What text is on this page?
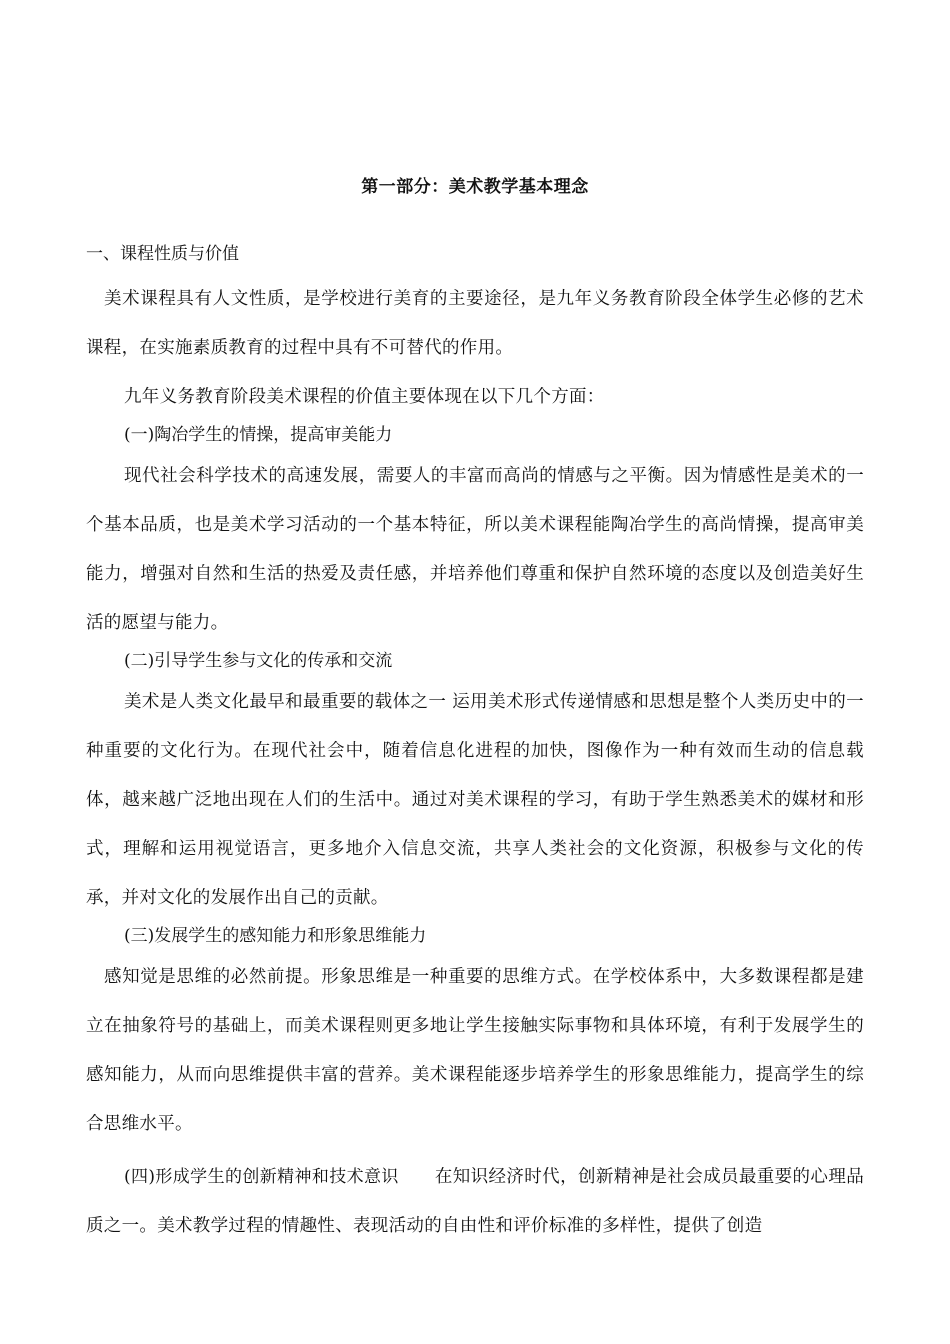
第一部分：美术教学基本理念
一、课程性质与价值

美术课程具有人文性质，是学校进行美育的主要途径，是九年义务教育阶段全体学生必修的艺术课程，在实施素质教育的过程中具有不可替代的作用。

九年义务教育阶段美术课程的价值主要体现在以下几个方面：

(一)陶冶学生的情操，提高审美能力

现代社会科学技术的高速发展，需要人的丰富而高尚的情感与之平衡。因为情感性是美术的一个基本品质，也是美术学习活动的一个基本特征，所以美术课程能陶冶学生的高尚情操，提高审美能力，增强对自然和生活的热爱及责任感，并培养他们尊重和保护自然环境的态度以及创造美好生活的愿望与能力。

(二)引导学生参与文化的传承和交流

美术是人类文化最早和最重要的载体之一 运用美术形式传递情感和思想是整个人类历史中的一种重要的文化行为。在现代社会中，随着信息化进程的加快，图像作为一种有效而生动的信息载体，越来越广泛地出现在人们的生活中。通过对美术课程的学习，有助于学生熟悉美术的媒材和形式，理解和运用视觉语言，更多地介入信息交流，共享人类社会的文化资源，积极参与文化的传承，并对文化的发展作出自己的贡献。

(三)发展学生的感知能力和形象思维能力

感知觉是思维的必然前提。形象思维是一种重要的思维方式。在学校体系中，大多数课程都是建立在抽象符号的基础上，而美术课程则更多地让学生接触实际事物和具体环境，有利于发展学生的感知能力，从而向思维提供丰富的营养。美术课程能逐步培养学生的形象思维能力，提高学生的综合思维水平。

(四)形成学生的创新精神和技术意识 在知识经济时代，创新精神是社会成员最重要的心理品质之一。美术教学过程的情趣性、表现活动的自由性和评价标准的多样性，提供了创造
